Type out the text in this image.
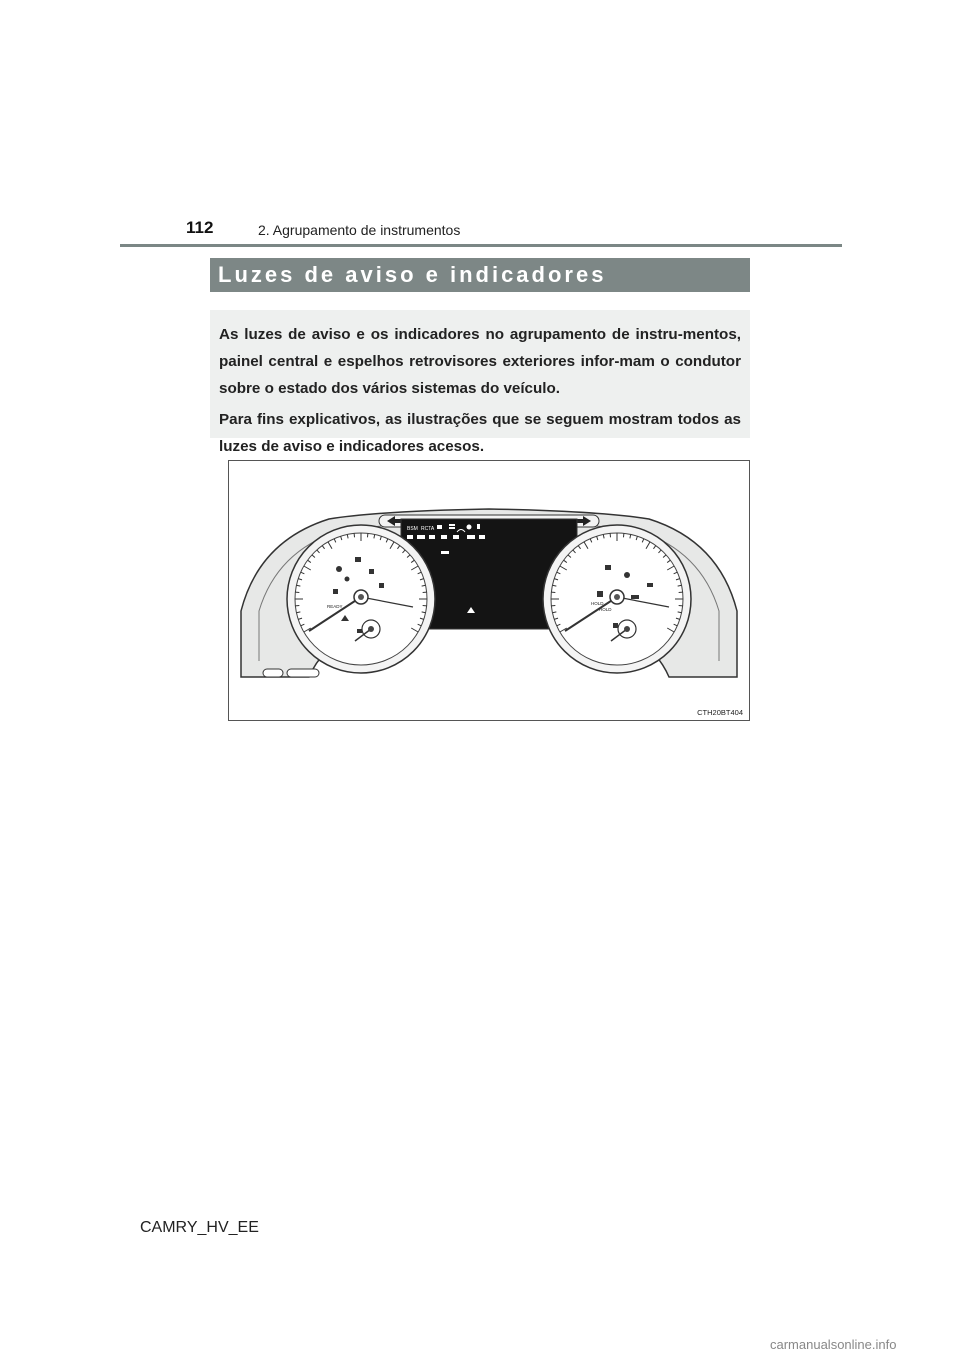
112	2. Agrupamento de instrumentos
Luzes de aviso e indicadores

As luzes de aviso e os indicadores no agrupamento de instru-mentos, painel central e espelhos retrovisores exteriores infor-mam o condutor sobre o estado dos vários sistemas do veículo.

Para fins explicativos, as ilustrações que se seguem mostram todos as luzes de aviso e indicadores acesos.

BSM RCTA
READY
HOLD
HOLD
CTH20BT404
CAMRY_HV_EE
carmanualsonline.info
